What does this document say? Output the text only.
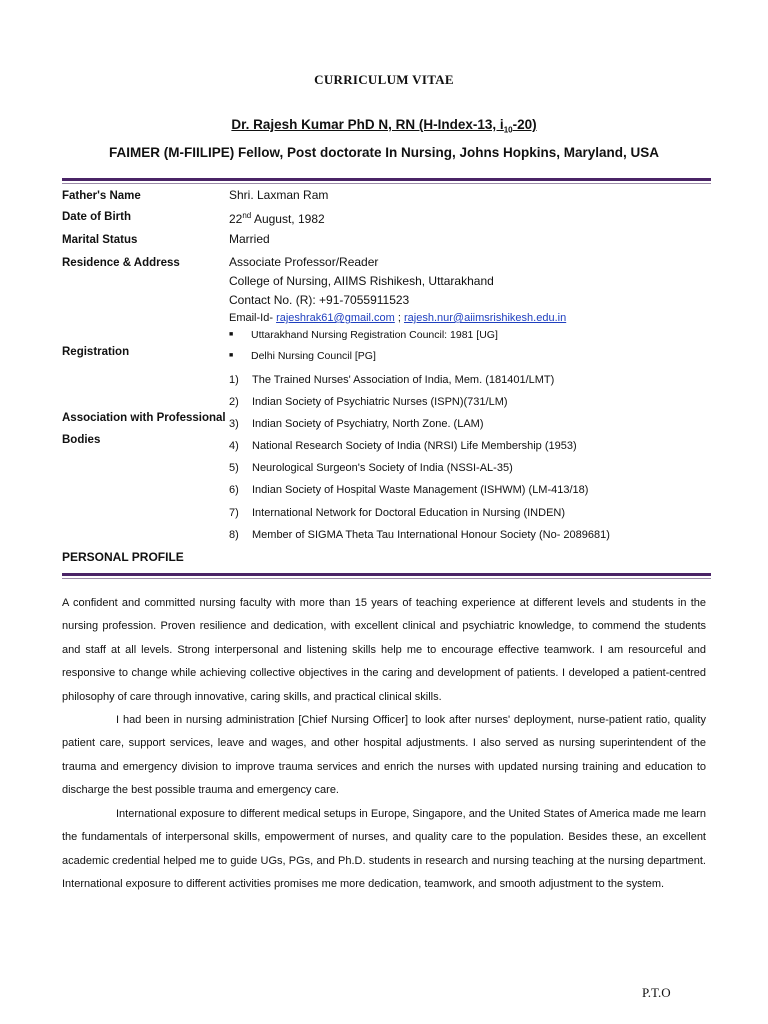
CURRICULUM VITAE
Dr. Rajesh Kumar PhD N, RN (H-Index-13, $i_{10}-20$)
FAIMER (M-FIILIPE) Fellow, Post doctorate In Nursing, Johns Hopkins, Maryland, USA
Father's Name
Date of Birth
Marital Status
Residence & Address
Registration
Association with Professional
Bodies
Shri. Laxman Ram
22nd August, 1982
Married
Associate Professor/Reader
College of Nursing, AIIMS Rishikesh, Uttarakhand
Contact No. (R): +91-7055911523
Email-Id- rajeshrak61@gmail.com ; rajesh.nur@aiimsrishikesh.edu.in
■ Uttarakhand Nursing Registration Council: 1981 [UG]
■ Delhi Nursing Council [PG]
1) The Trained Nurses' Association of India, Mem. (181401/LMT)
2) Indian Society of Psychiatric Nurses (ISPN)(731/LM)
3) Indian Society of Psychiatry, North Zone. (LAM)
4) National Research Society of India (NRSI) Life Membership (1953)
5) Neurological Surgeon's Society of India (NSSI-AL-35)
6) Indian Society of Hospital Waste Management (ISHWM) (LM-413/18)
7) International Network for Doctoral Education in Nursing (INDEN)
8) Member of SIGMA Theta Tau International Honour Society (No- 2089681)
PERSONAL PROFILE

A confident and committed nursing faculty with more than 15 years of teaching experience at different levels and students in the nursing profession. Proven resilience and dedication, with excellent clinical and psychiatric knowledge, to commend the students and staff at all levels. Strong interpersonal and listening skills help me to encourage effective teamwork. I am resourceful and responsive to change while achieving collective objectives in the caring and development of patients. I developed a patient-centred philosophy of care through innovative, caring skills, and practical clinical skills.

I had been in nursing administration [Chief Nursing Officer] to look after nurses' deployment, nurse-patient ratio, quality patient care, support services, leave and wages, and other hospital adjustments. I also served as nursing superintendent of the trauma and emergency division to improve trauma services and enrich the nurses with updated nursing training and education to discharge the best possible trauma and emergency care.

International exposure to different medical setups in Europe, Singapore, and the United States of America made me learn the fundamentals of interpersonal skills, empowerment of nurses, and quality care to the population. Besides these, an excellent academic credential helped me to guide UGs, PGs, and Ph.D. students in research and nursing teaching at the nursing department. International exposure to different activities promises me more dedication, teamwork, and smooth adjustment to the system.

P.T.O
